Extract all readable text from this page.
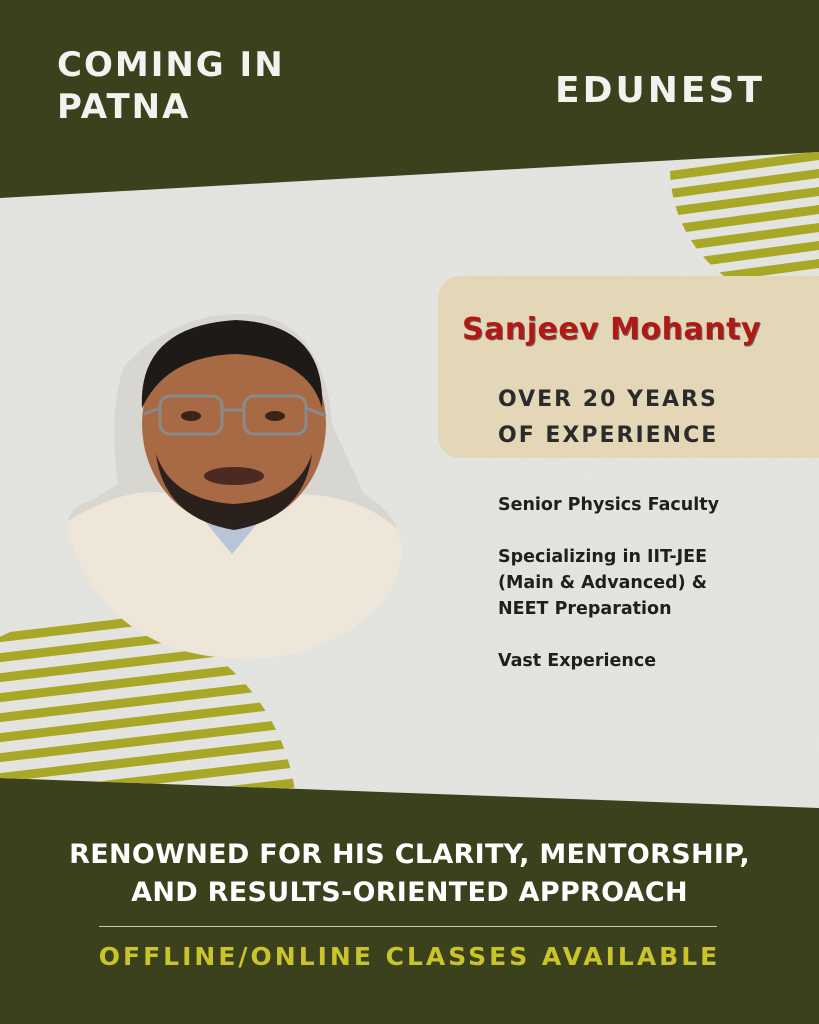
COMING IN
PATNA	EDUNEST
Sanjeev Mohanty
OVER 20 YEARS
OF EXPERIENCE
Senior Physics Faculty
Specializing in IIT-JEE
(Main & Advanced) &
NEET Preparation
Vast Experience
RENOWNED FOR HIS CLARITY, MENTORSHIP,
AND RESULTS-ORIENTED APPROACH
OFFLINE/ONLINE CLASSES AVAILABLE
